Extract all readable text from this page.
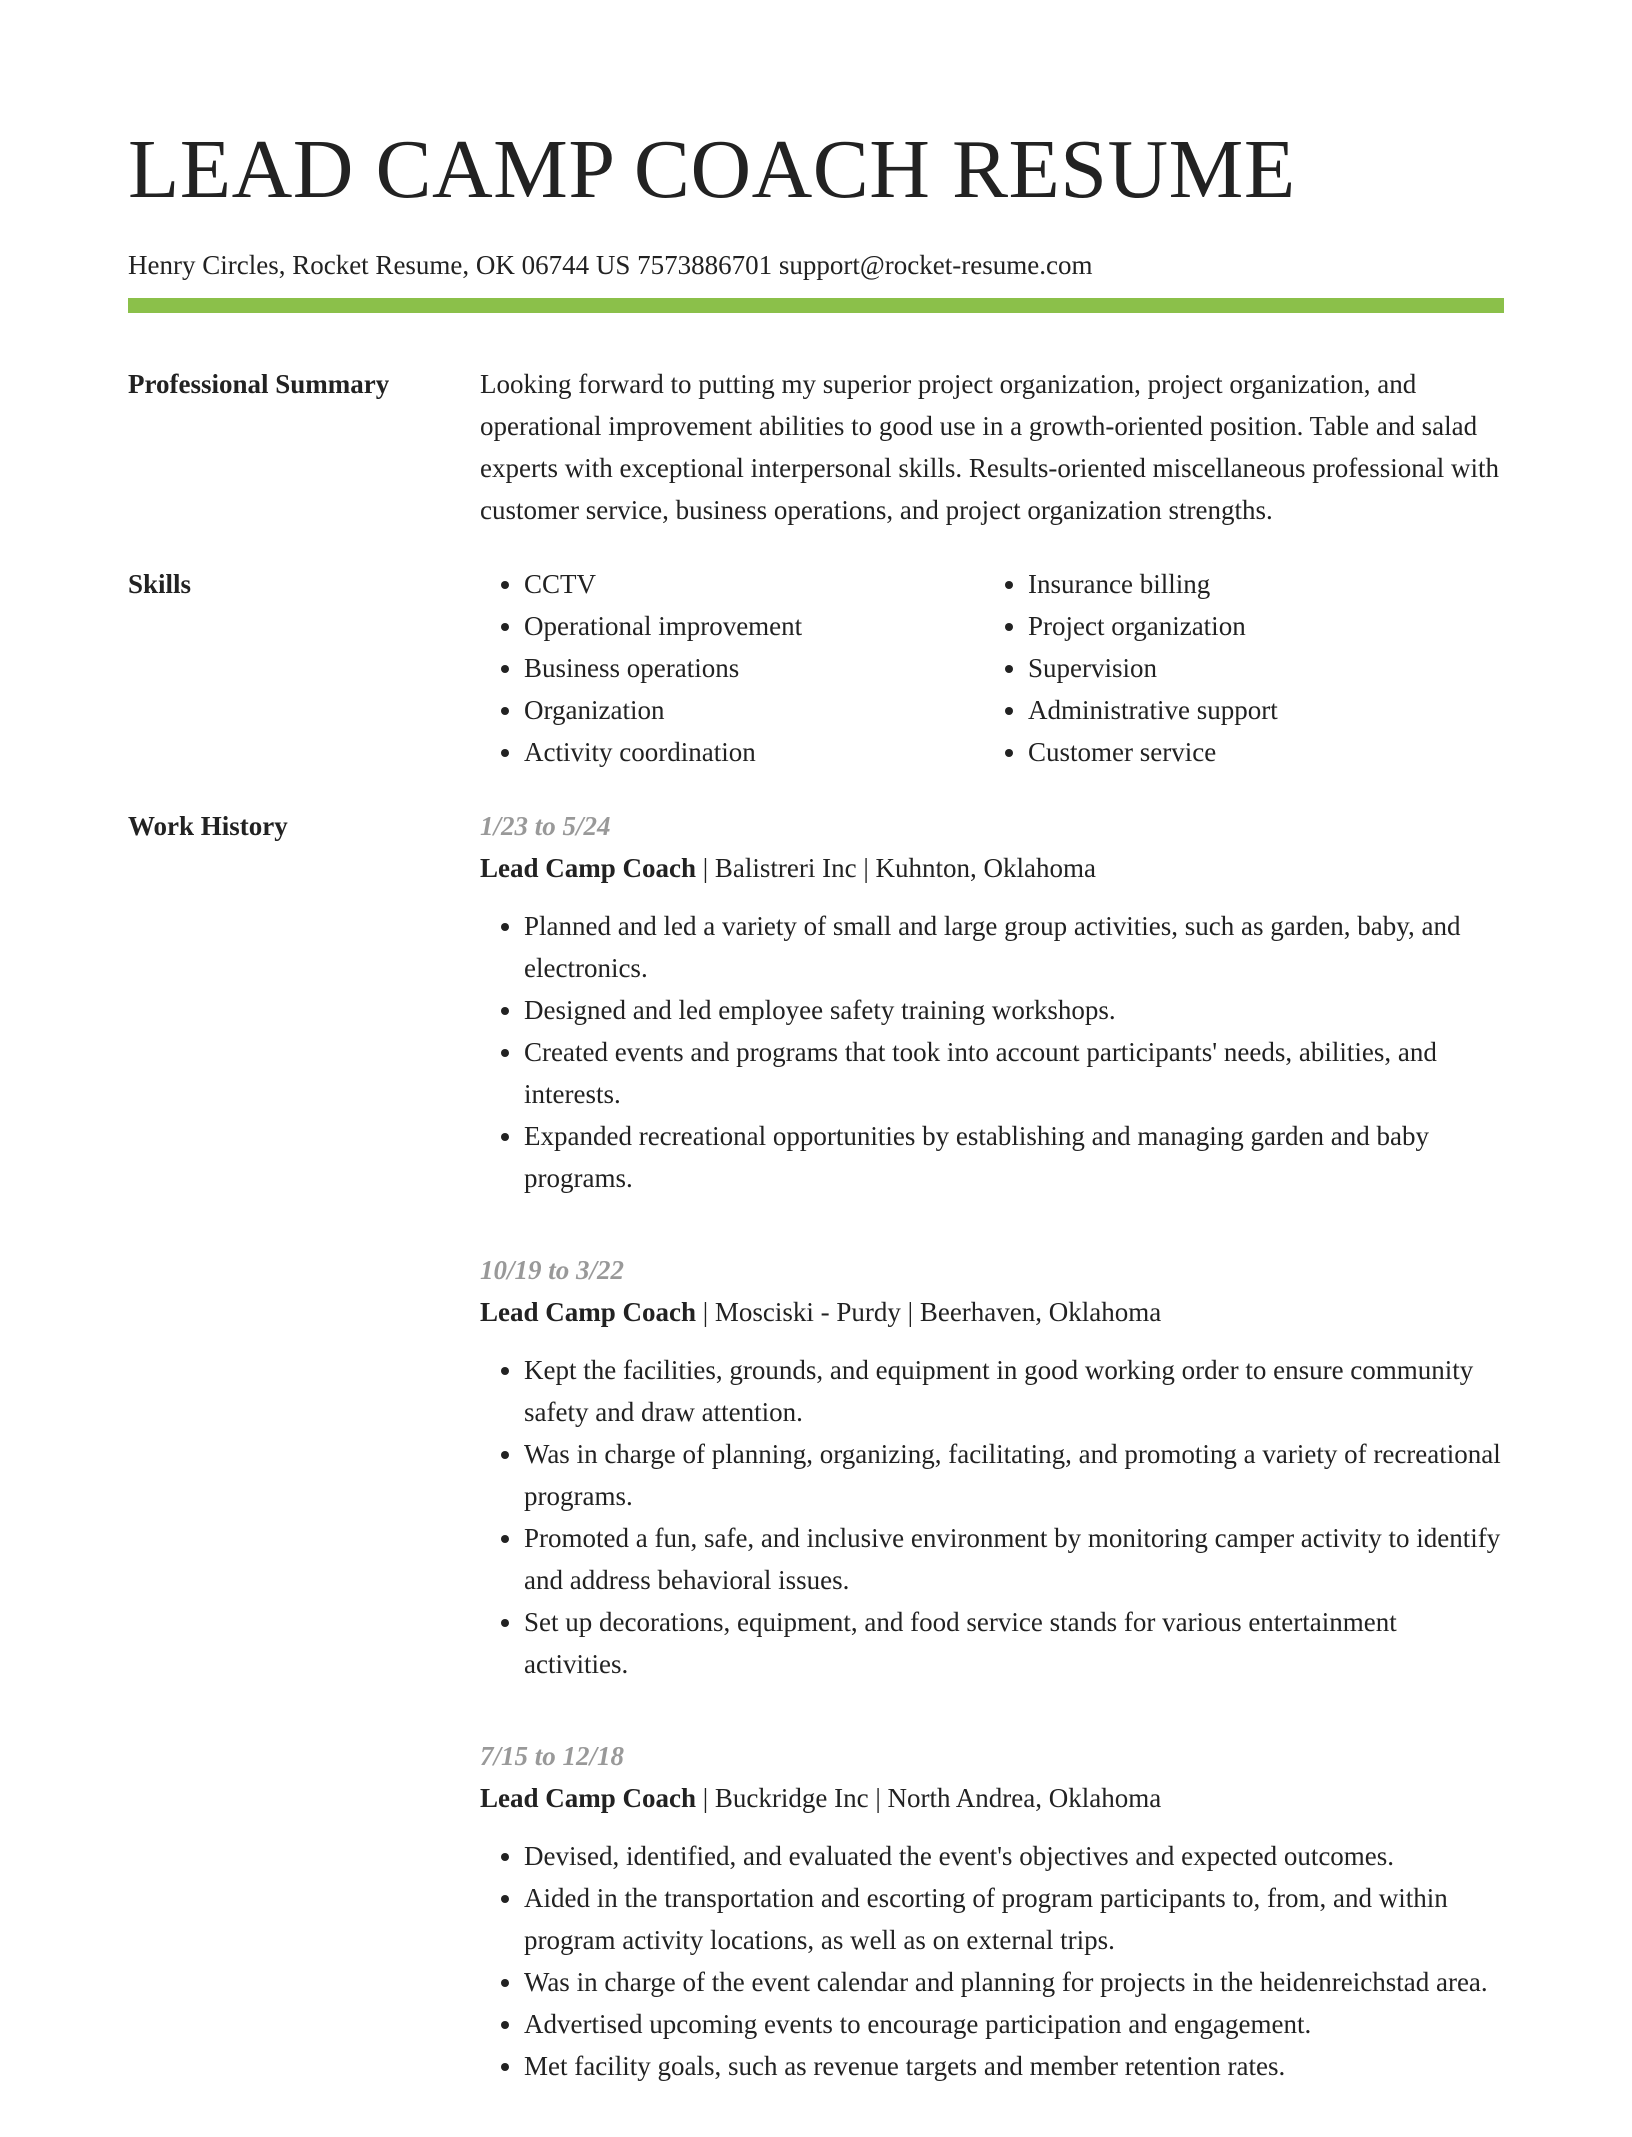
LEAD CAMP COACH RESUME
Henry Circles, Rocket Resume, OK 06744 US 7573886701 support@rocket-resume.com
Professional Summary	Looking forward to putting my superior project organization, project organization, and operational improvement abilities to good use in a growth-oriented position. Table and salad experts with exceptional interpersonal skills. Results-oriented miscellaneous professional with customer service, business operations, and project organization strengths.

Skills
•	CCTV
• Operational improvement
• Business operations
• Organization
• Activity coordination
• Insurance billing
• Project organization
• Supervision
• Administrative support
• Customer service
Work History	1/23 to 5/24
Lead Camp Coach | Balistreri Inc | Kuhnton, Oklahoma
• Planned and led a variety of small and large group activities, such as garden, baby, and electronics.
• Designed and led employee safety training workshops.
• Created events and programs that took into account participants' needs, abilities, and interests.
• Expanded recreational opportunities by establishing and managing garden and baby programs.
10/19 to 3/22
Lead Camp Coach | Mosciski - Purdy | Beerhaven, Oklahoma
• Kept the facilities, grounds, and equipment in good working order to ensure community safety and draw attention.
• Was in charge of planning, organizing, facilitating, and promoting a variety of recreational programs.
• Promoted a fun, safe, and inclusive environment by monitoring camper activity to identify and address behavioral issues.
• Set up decorations, equipment, and food service stands for various entertainment activities.
7/15 to 12/18
Lead Camp Coach | Buckridge Inc | North Andrea, Oklahoma
• Devised, identified, and evaluated the event's objectives and expected outcomes.
• Aided in the transportation and escorting of program participants to, from, and within program activity locations, as well as on external trips.
• Was in charge of the event calendar and planning for projects in the heidenreichstad area.
• Advertised upcoming events to encourage participation and engagement.
• Met facility goals, such as revenue targets and member retention rates.
